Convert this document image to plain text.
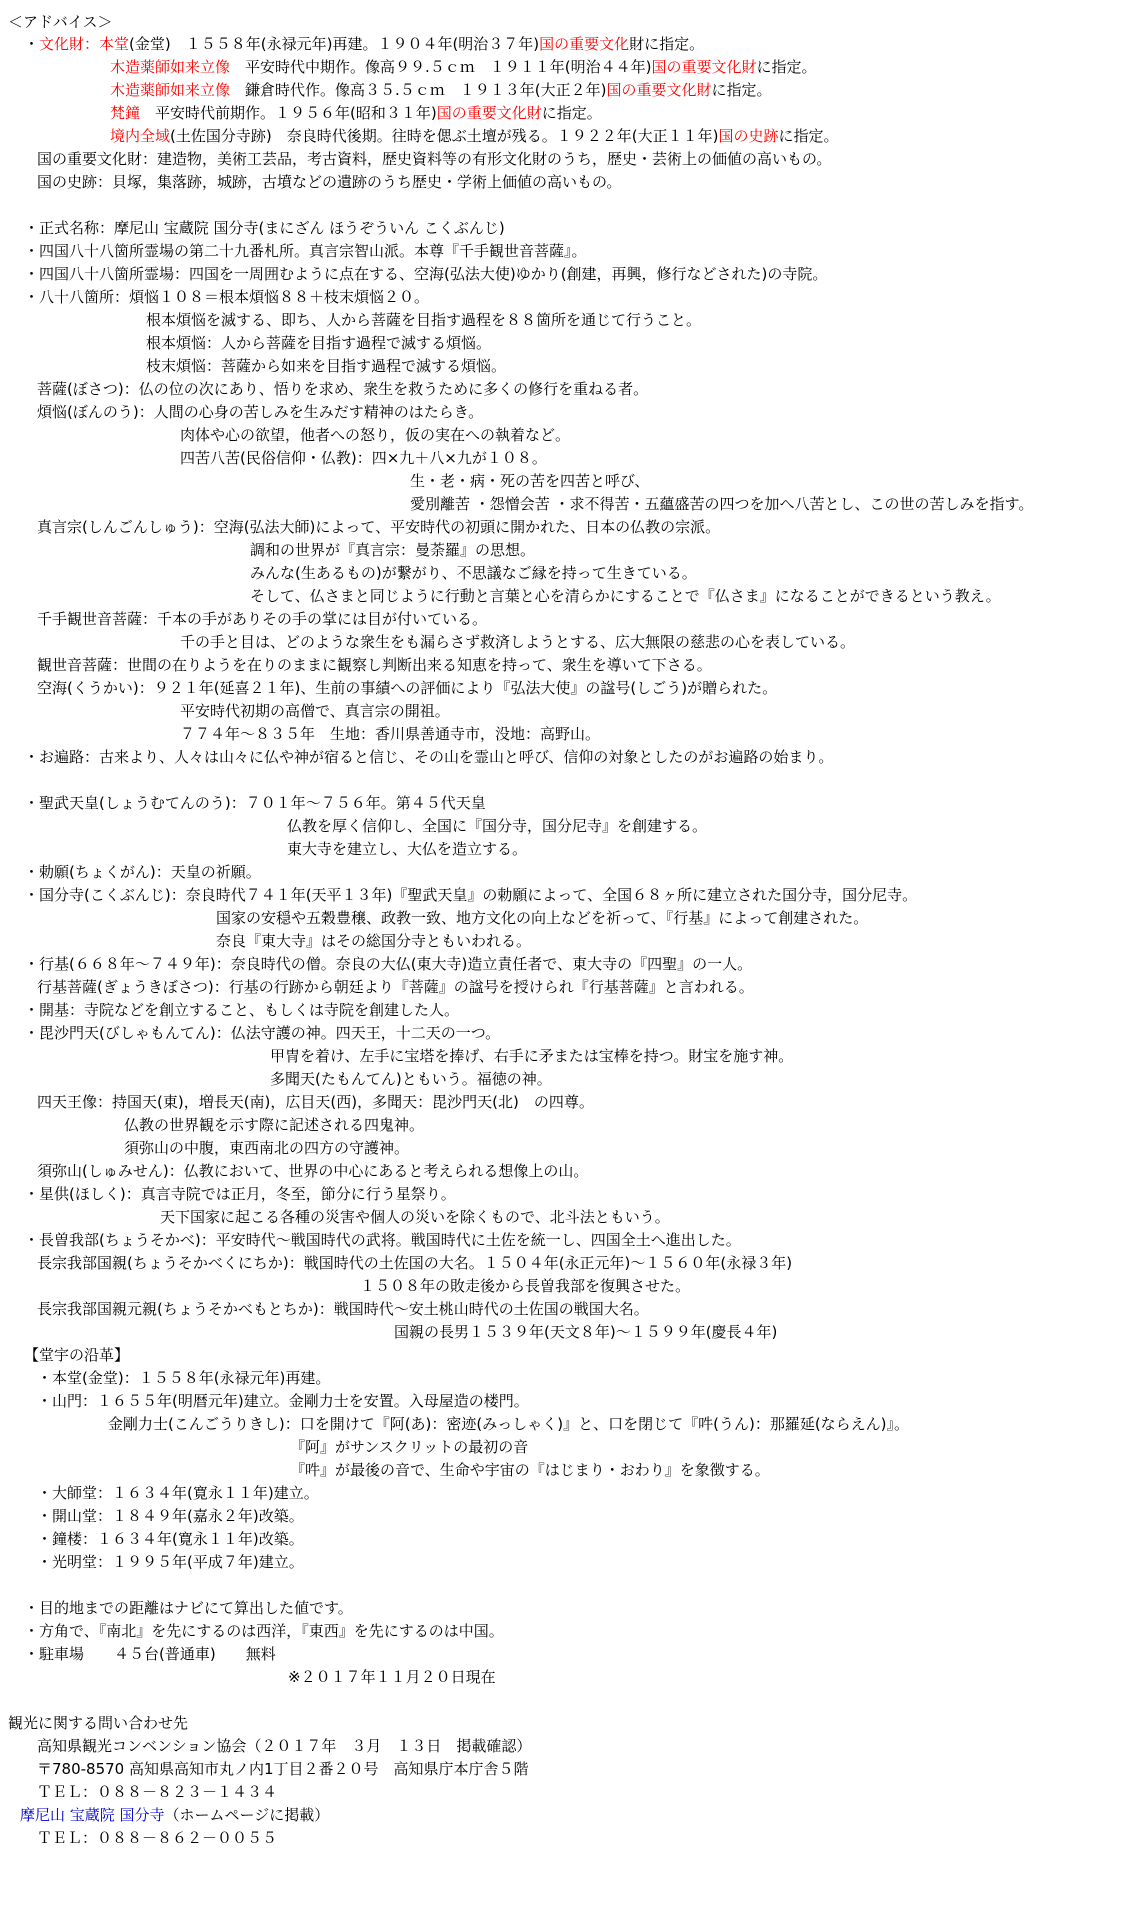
＜アドバイス＞
・文化財：本堂(金堂)　１５５８年(永禄元年)再建。１９０４年(明治３７年)国の重要文化財に指定。
木造薬師如来立像　平安時代中期作。像高９９.５ｃｍ　１９１１年(明治４４年)国の重要文化財に指定。
木造薬師如来立像　鎌倉時代作。像高３５.５ｃｍ　１９１３年(大正２年)国の重要文化財に指定。
梵鐘　平安時代前期作。１９５６年(昭和３１年)国の重要文化財に指定。
境内全域(土佐国分寺跡)　奈良時代後期。往時を偲ぶ土壇が残る。１９２２年(大正１１年)国の史跡に指定。
国の重要文化財：建造物，美術工芸品，考古資料，歴史資料等の有形文化財のうち，歴史・芸術上の価値の高いもの。
国の史跡：貝塚，集落跡，城跡，古墳などの遺跡のうち歴史・学術上価値の高いもの。
・正式名称：摩尼山 宝蔵院 国分寺(まにざん ほうぞういん こくぶんじ)
・四国八十八箇所霊場の第二十九番札所。真言宗智山派。本尊『千手観世音菩薩』。
・四国八十八箇所霊場：四国を一周囲むように点在する、空海(弘法大使)ゆかり(創建，再興，修行などされた)の寺院。
・八十八箇所：煩悩１０８＝根本煩悩８８＋枝末煩悩２０。
根本煩悩を滅する、即ち、人から菩薩を目指す過程を８８箇所を通じて行うこと。
根本煩悩：人から菩薩を目指す過程で滅する煩悩。
枝末煩悩：菩薩から如来を目指す過程で滅する煩悩。
菩薩(ぼさつ)：仏の位の次にあり、悟りを求め、衆生を救うために多くの修行を重ねる者。
煩悩(ぼんのう)：人間の心身の苦しみを生みだす精神のはたらき。
肉体や心の欲望，他者への怒り，仮の実在への執着など。
四苦八苦(民俗信仰・仏教)：四×九＋八×九が１０８。
生・老・病・死の苦を四苦と呼び、
愛別離苦 ・怨憎会苦 ・求不得苦・五蘊盛苦の四つを加へ八苦とし、この世の苦しみを指す。
真言宗(しんごんしゅう)：空海(弘法大師)によって、平安時代の初頭に開かれた、日本の仏教の宗派。
調和の世界が『真言宗：曼荼羅』の思想。
みんな(生あるもの)が繋がり、不思議なご縁を持って生きている。
そして、仏さまと同じように行動と言葉と心を清らかにすることで『仏さま』になることができるという教え。
千手観世音菩薩：千本の手がありその手の掌には目が付いている。
千の手と目は、どのような衆生をも漏らさず救済しようとする、広大無限の慈悲の心を表している。
観世音菩薩：世間の在りようを在りのままに観察し判断出来る知恵を持って、衆生を導いて下さる。
空海(くうかい)：９２１年(延喜２１年)、生前の事績への評価により『弘法大使』の諡号(しごう)が贈られた。
平安時代初期の高僧で、真言宗の開祖。
７７４年～８３５年　生地：香川県善通寺市，没地：高野山。
・お遍路：古来より、人々は山々に仏や神が宿ると信じ、その山を霊山と呼び、信仰の対象としたのがお遍路の始まり。
・聖武天皇(しょうむてんのう)：７０１年～７５６年。第４５代天皇
仏教を厚く信仰し、全国に『国分寺，国分尼寺』を創建する。
東大寺を建立し、大仏を造立する。
・勅願(ちょくがん)：天皇の祈願。
・国分寺(こくぶんじ)：奈良時代７４１年(天平１３年)『聖武天皇』の勅願によって、全国６８ヶ所に建立された国分寺，国分尼寺。
国家の安穏や五穀豊穣、政教一致、地方文化の向上などを祈って、『行基』によって創建された。
奈良『東大寺』はその総国分寺ともいわれる。
・行基(６６８年～７４９年)：奈良時代の僧。奈良の大仏(東大寺)造立責任者で、東大寺の『四聖』の一人。
行基菩薩(ぎょうきぼさつ)：行基の行跡から朝廷より『菩薩』の諡号を授けられ『行基菩薩』と言われる。
・開基：寺院などを創立すること、もしくは寺院を創建した人。
・毘沙門天(びしゃもんてん)：仏法守護の神。四天王，十二天の一つ。
甲冑を着け、左手に宝塔を捧げ、右手に矛または宝棒を持つ。財宝を施す神。
多聞天(たもんてん)ともいう。福徳の神。
四天王像：持国天(東)，増長天(南)，広目天(西)，多聞天：毘沙門天(北)　の四尊。
仏教の世界観を示す際に記述される四鬼神。
須弥山の中腹，東西南北の四方の守護神。
須弥山(しゅみせん)：仏教において、世界の中心にあると考えられる想像上の山。
・星供(ほしく)：真言寺院では正月，冬至，節分に行う星祭り。
天下国家に起こる各種の災害や個人の災いを除くもので、北斗法ともいう。
・長曽我部(ちょうそかべ)：平安時代～戦国時代の武将。戦国時代に土佐を統一し、四国全土へ進出した。
長宗我部国親(ちょうそかべくにちか)：戦国時代の土佐国の大名。１５０４年(永正元年)～１５６０年(永禄３年)
１５０８年の敗走後から長曽我部を復興させた。
長宗我部国親元親(ちょうそかべもとちか)：戦国時代～安土桃山時代の土佐国の戦国大名。
国親の長男１５３９年(天文８年)～１５９９年(慶長４年)
【堂宇の沿革】
・本堂(金堂)：１５５８年(永禄元年)再建。
・山門：１６５５年(明暦元年)建立。金剛力士を安置。入母屋造の楼門。
金剛力士(こんごうりきし)：口を開けて『阿(あ)：密迹(みっしゃく)』と、口を閉じて『吽(うん)：那羅延(ならえん)』。
『阿』がサンスクリットの最初の音
『吽』が最後の音で、生命や宇宙の『はじまり・おわり』を象徴する。
・大師堂：１６３４年(寛永１１年)建立。
・開山堂：１８４９年(嘉永２年)改築。
・鐘楼：１６３４年(寛永１１年)改築。
・光明堂：１９９５年(平成７年)建立。
・目的地までの距離はナビにて算出した値です。
・方角で、『南北』を先にするのは西洋，『東西』を先にするのは中国。
・駐車場　　４５台(普通車)　　無料
※２０１７年１１月２０日現在
観光に関する問い合わせ先
高知県観光コンベンション協会（２０１７年　３月　１３日　掲載確認）
〒780-8570 高知県高知市丸ノ内1丁目２番２０号　高知県庁本庁舎５階
ＴＥＬ：０８８－８２３－１４３４
摩尼山 宝蔵院 国分寺（ホームページに掲載）
ＴＥＬ：０８８－８６２－００５５
